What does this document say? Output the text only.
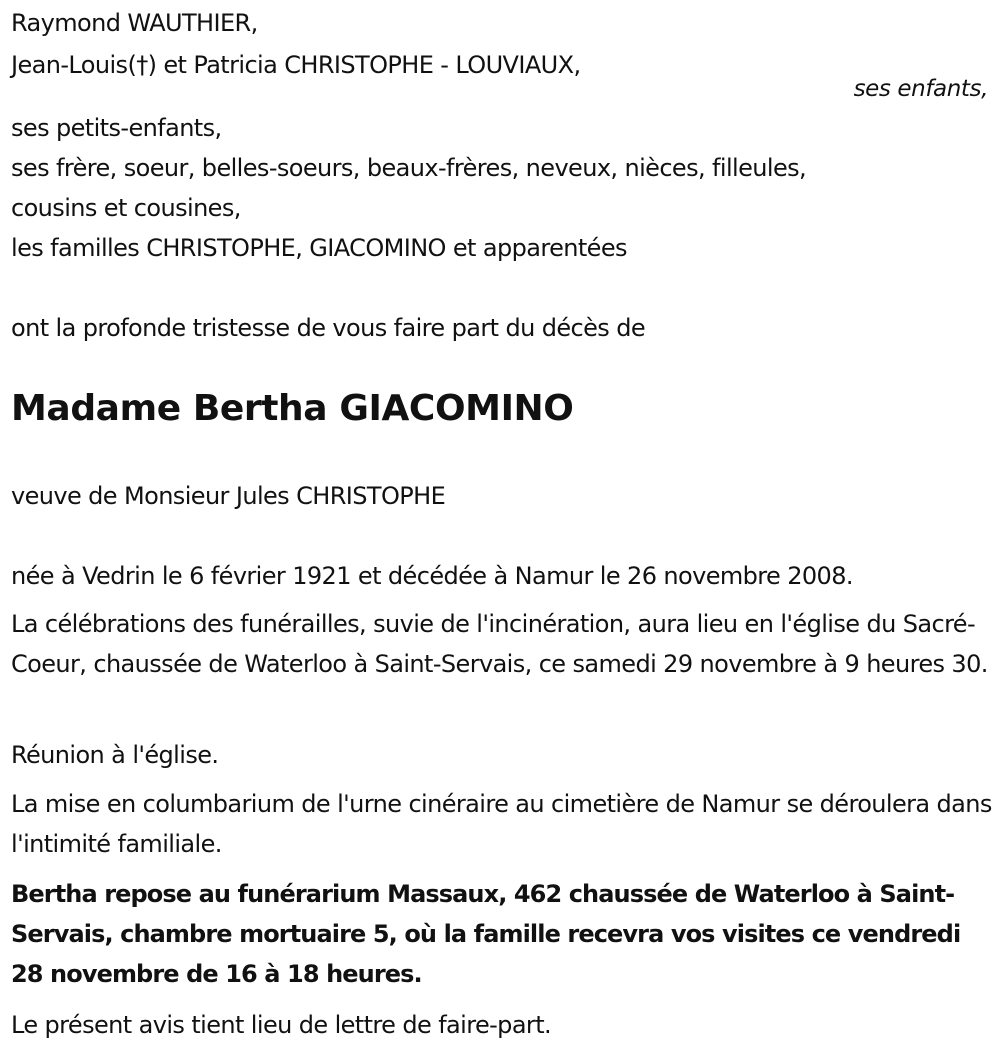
Raymond WAUTHIER,
Jean-Louis(†) et Patricia CHRISTOPHE - LOUVIAUX,
ses enfants,
ses petits-enfants,
ses frère, soeur, belles-soeurs, beaux-frères, neveux, nièces, filleules,
cousins et cousines,
les familles CHRISTOPHE, GIACOMINO et apparentées
ont la profonde tristesse de vous faire part du décès de
Madame Bertha GIACOMINO
veuve de Monsieur Jules CHRISTOPHE
née à Vedrin le 6 février 1921 et décédée à Namur le 26 novembre 2008.
La célébrations des funérailles, suvie de l'incinération, aura lieu en l'église du Sacré-Coeur, chaussée de Waterloo à Saint-Servais, ce samedi 29 novembre à 9 heures 30.
Réunion à l'église.
La mise en columbarium de l'urne cinéraire au cimetière de Namur se déroulera dans l'intimité familiale.
Bertha repose au funérarium Massaux, 462 chaussée de Waterloo à Saint-Servais, chambre mortuaire 5, où la famille recevra vos visites ce vendredi 28 novembre de 16 à 18 heures.
Le présent avis tient lieu de lettre de faire-part.
